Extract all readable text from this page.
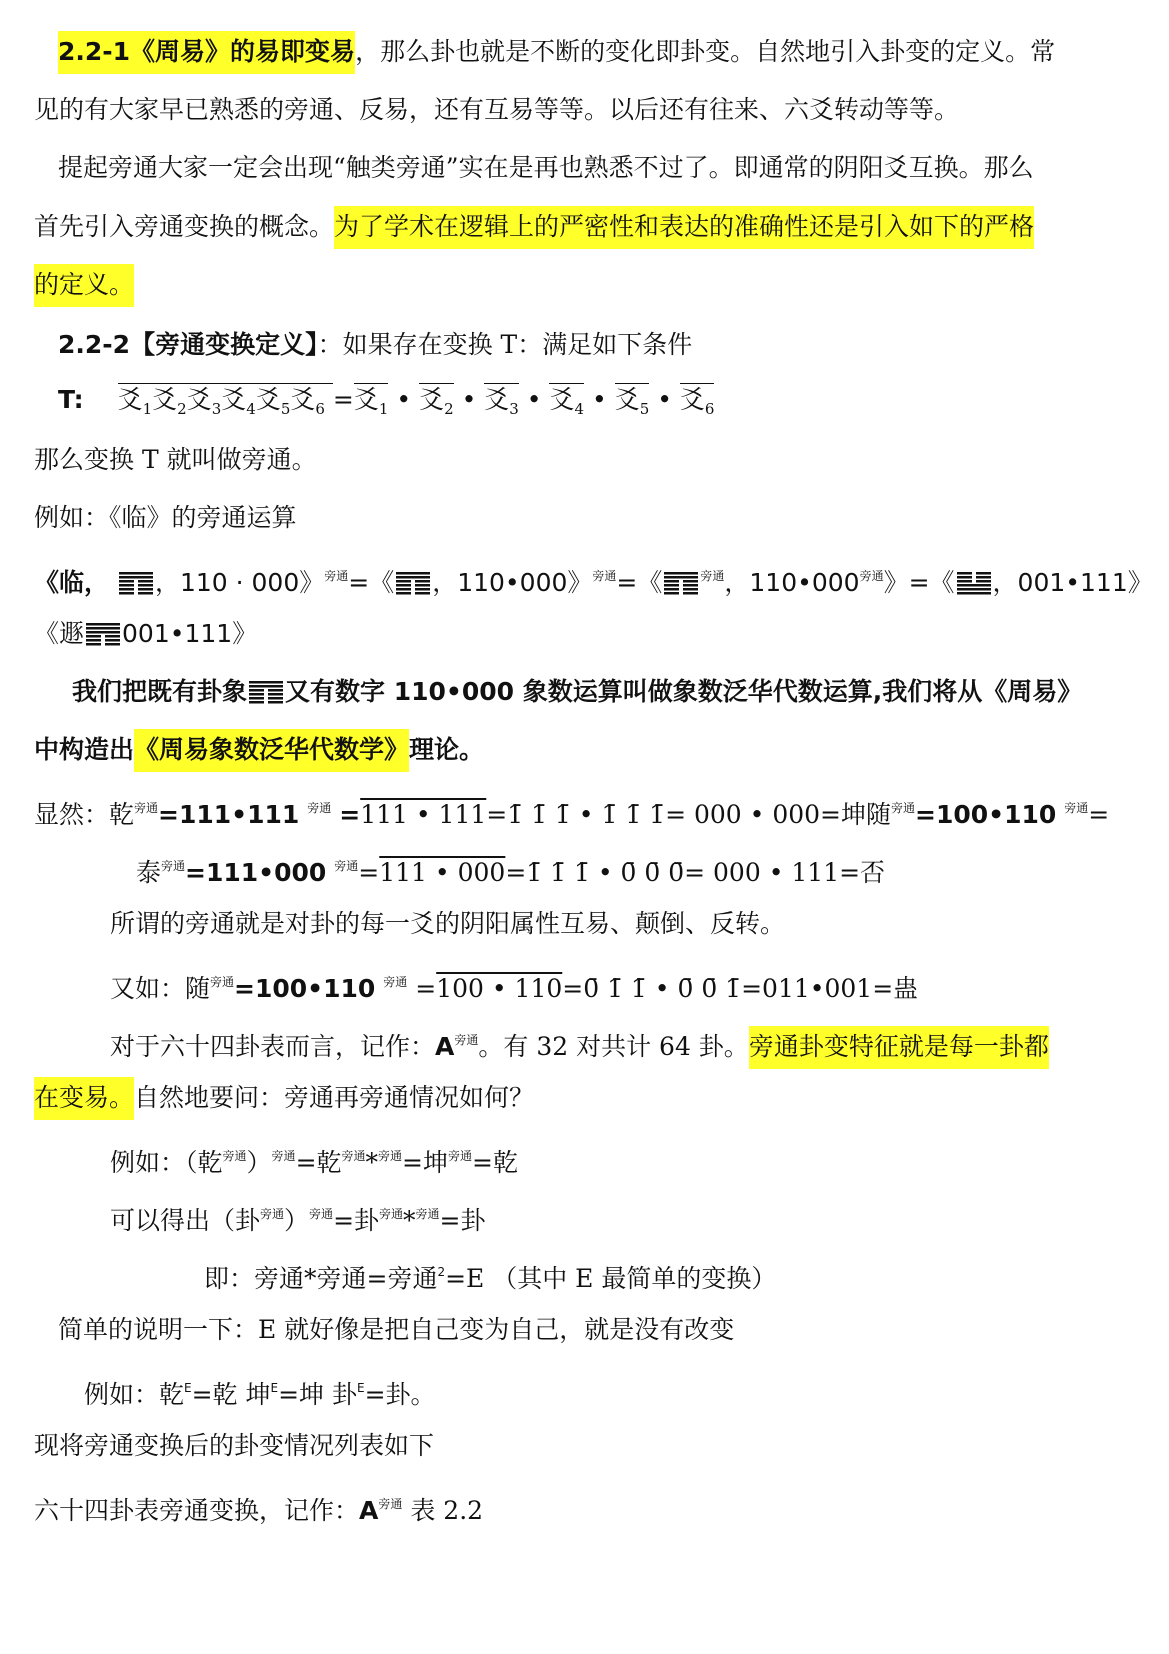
2.2-1《周易》的易即变易，那么卦也就是不断的变化即卦变。自然地引入卦变的定义。常
见的有大家早已熟悉的旁通、反易，还有互易等等。以后还有往来、六爻转动等等。
提起旁通大家一定会出现“触类旁通”实在是再也熟悉不过了。即通常的阴阳爻互换。那么
首先引入旁通变换的概念。为了学术在逻辑上的严密性和表达的准确性还是引入如下的严格
的定义。
2.2-2【旁通变换定义】：如果存在变换 T：满足如下条件
T: 爻$_1$爻$_2$爻$_3$爻$_4$爻$_5$爻$_6$ =爻$_1$ • 爻$_2$ • 爻$_3$ • 爻$_4$ • 爻$_5$ • 爻$_6$
那么变换 T 就叫做旁通。
例如：《临》的旁通运算
《临， ，110 · 000》$^{旁通}$=《 ，110•000》$^{旁通}$=《	$^{旁通}$，$110•000^{旁通}$》=《 ，001•111》
《遯 001•111》
我们把既有卦象 又有数字 110•000 象数运算叫做象数泛华代数运算,我们将从《周易》
中构造出《周易象数泛华代数学》理论。
显然：乾$^{旁通}$=111•111 $^{旁通}$ =111 • 111=1̄ 1̄ 1̄ • 1̄ 1̄ 1̄= 000 • 000=坤随$^{旁通}$=100•110 $^{旁通}$=
泰$^{旁通}$=111•000 $^{旁通}$=111 • 000=1̄ 1̄ 1̄ • 0̄ 0̄ 0̄= 000 • 111=否
所谓的旁通就是对卦的每一爻的阴阳属性互易、颠倒、反转。
又如：随$^{旁通}$=100•110 $^{旁通}$ =100 • 110=0̄ 1̄ 1̄ • 0̄ 0̄ 1̄=011•001=蛊
对于六十四卦表而言，记作：$A^{旁通}$。有 32 对共计 64 卦。旁通卦变特征就是每一卦都
在变易。自然地要问：旁通再旁通情况如何？
例如：（乾$^{旁通}$）$^{旁通}$=乾$^{旁通}$*$^{旁通}$=坤$^{旁通}$=乾
可以得出（卦$^{旁通}$）$^{旁通}$=卦$^{旁通}$*$^{旁通}$=卦
即：旁通*旁通=旁通$^2$=E （其中 E 最简单的变换）
简单的说明一下：E 就好像是把自己变为自己，就是没有改变
例如：乾$^E$=乾 坤$^E$=坤 卦$^E$=卦。
现将旁通变换后的卦变情况列表如下
六十四卦表旁通变换，记作：$A^{旁通}$ 表 2.2
